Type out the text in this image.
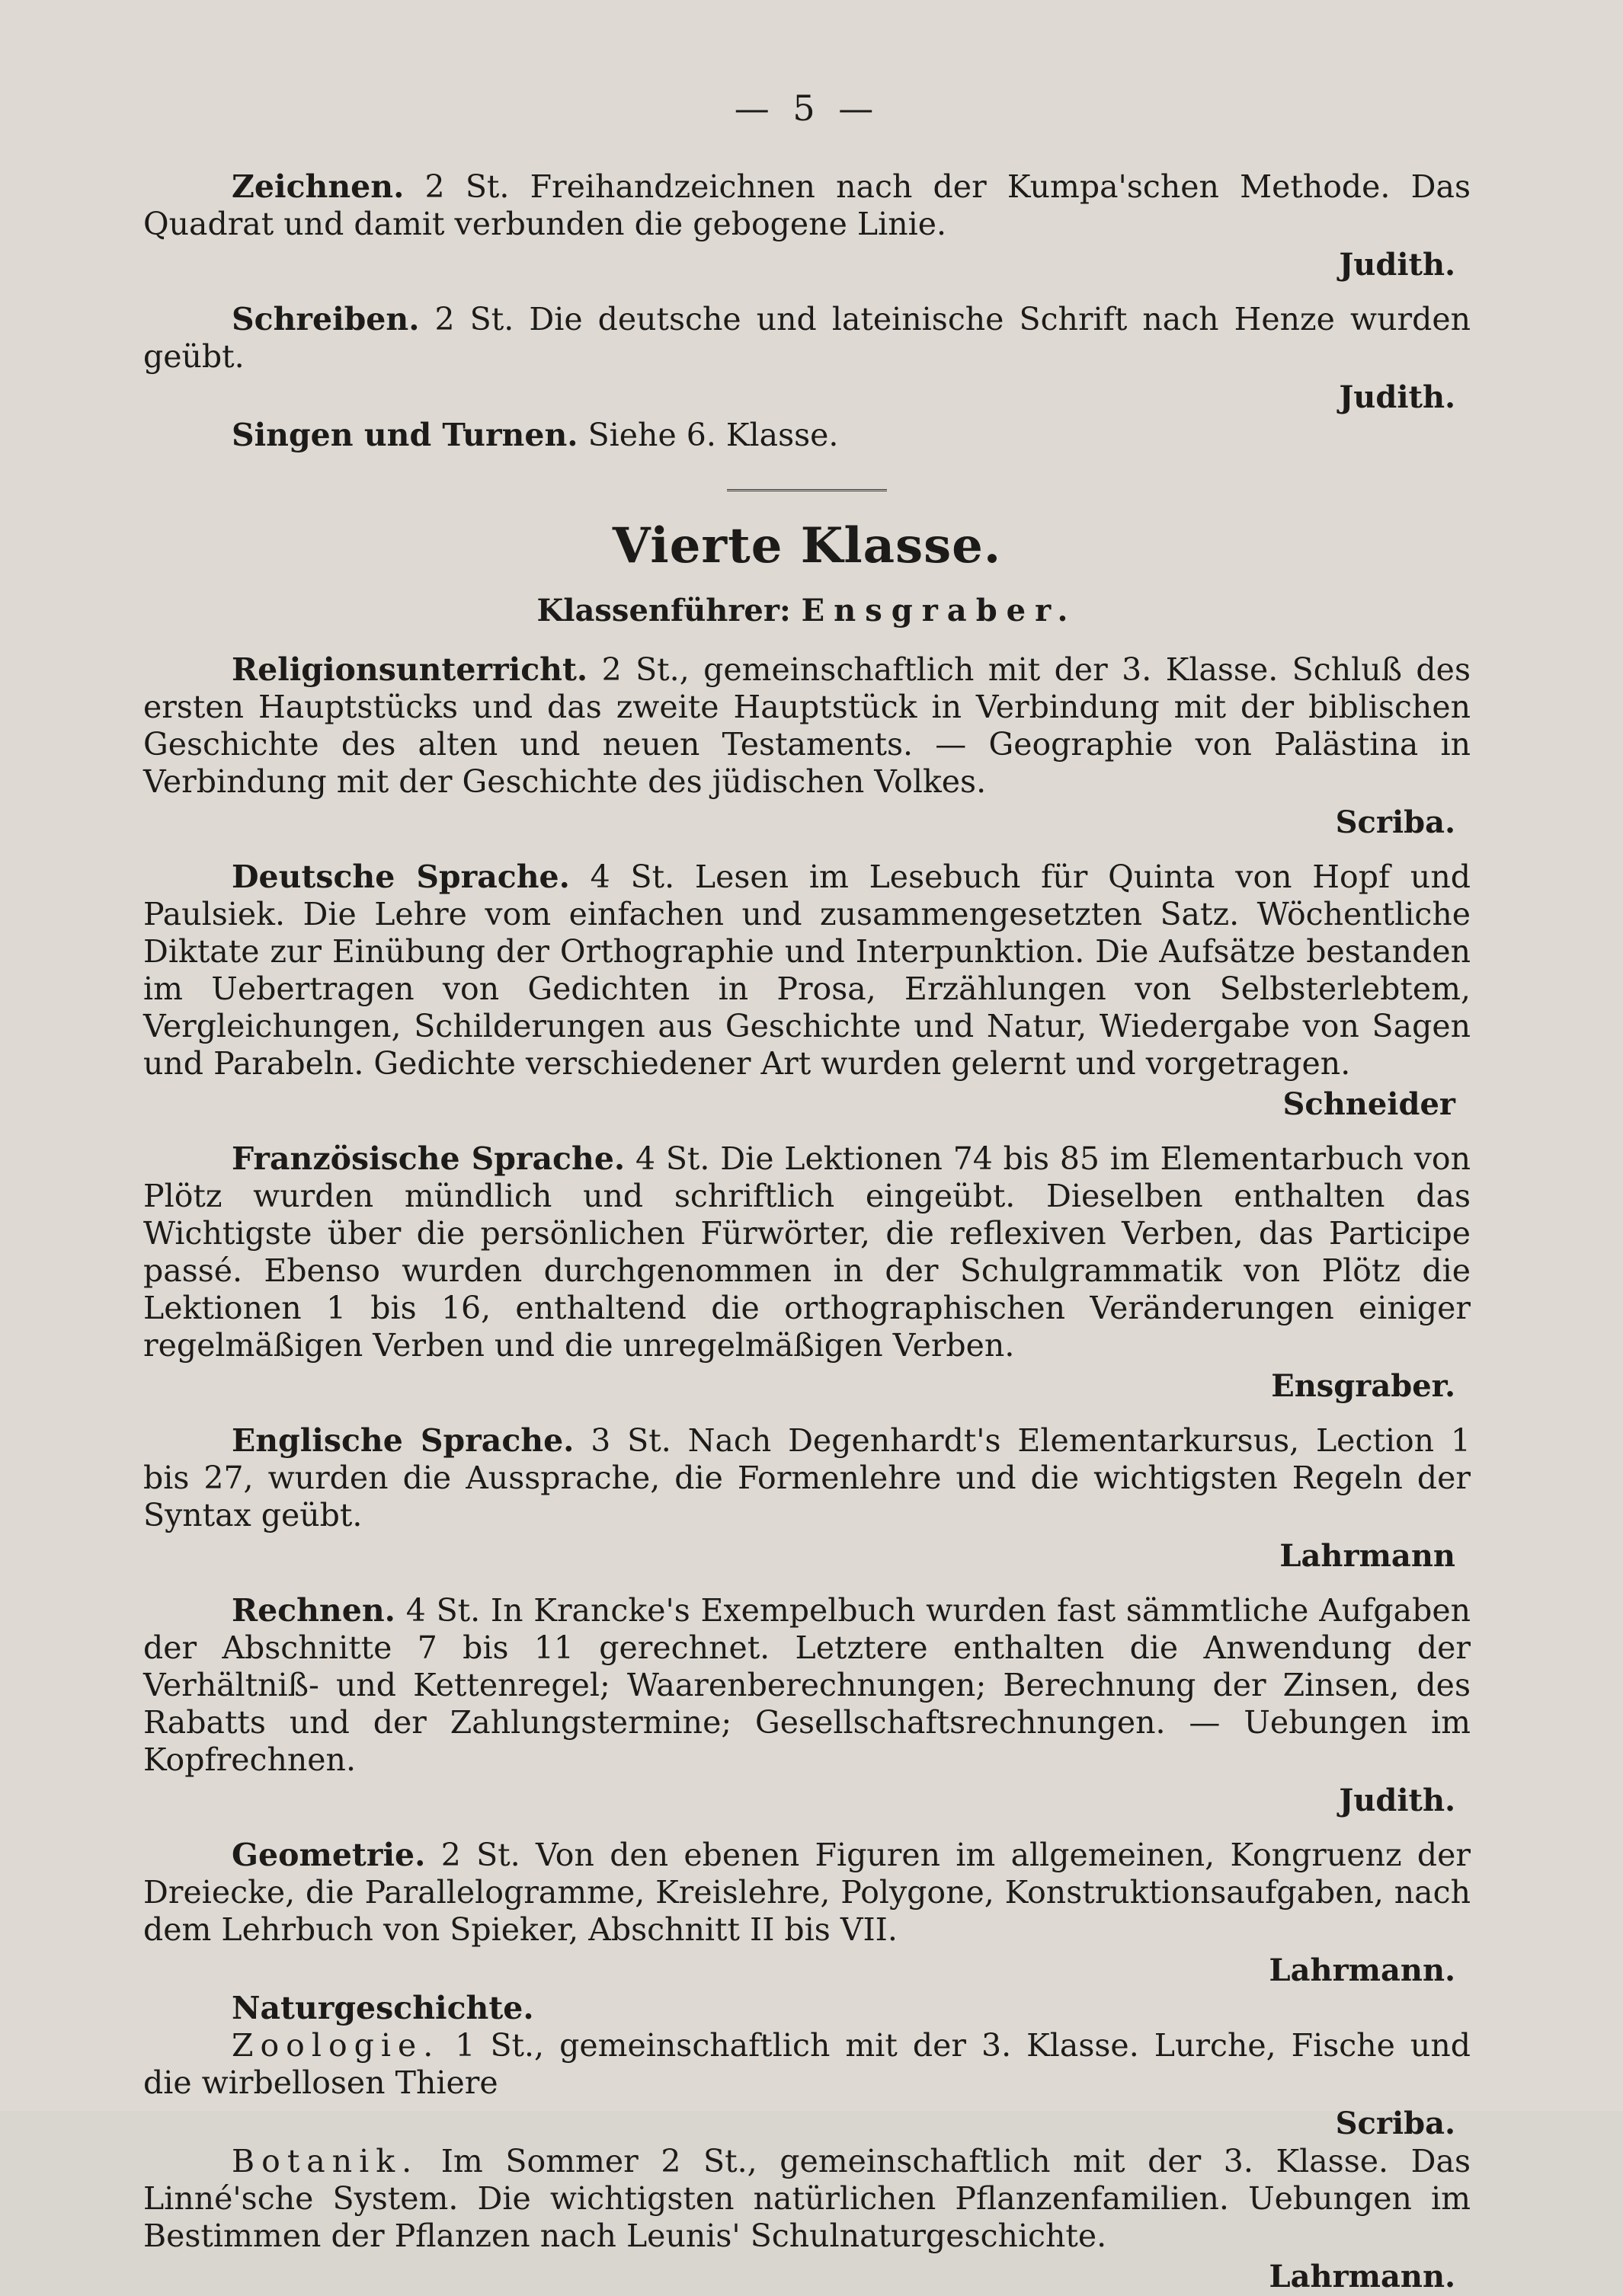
— 5 —

Zeichnen. 2 St. Freihandzeichnen nach der Kumpa'schen Methode. Das Quadrat und damit verbunden die gebogene Linie.

Judith.

Schreiben. 2 St. Die deutsche und lateinische Schrift nach Henze wurden geübt.

Judith.

Singen und Turnen. Siehe 6. Klasse.

Vierte Klasse.
Klassenführer: Ensgraber.

Religionsunterricht. 2 St., gemeinschaftlich mit der 3. Klasse. Schluß des ersten Hauptstücks und das zweite Hauptstück in Verbindung mit der biblischen Geschichte des alten und neuen Testaments. — Geographie von Palästina in Verbindung mit der Geschichte des jüdischen Volkes.

Scriba.

Deutsche Sprache. 4 St. Lesen im Lesebuch für Quinta von Hopf und Paulsiek. Die Lehre vom einfachen und zusammengesetzten Satz. Wöchentliche Diktate zur Einübung der Orthographie und Interpunktion. Die Aufsätze bestanden im Uebertragen von Gedichten in Prosa, Erzählungen von Selbsterlebtem, Vergleichungen, Schilderungen aus Geschichte und Natur, Wiedergabe von Sagen und Parabeln. Gedichte verschiedener Art wurden gelernt und vorgetragen.

Schneider

Französische Sprache. 4 St. Die Lektionen 74 bis 85 im Elementarbuch von Plötz wurden mündlich und schriftlich eingeübt. Dieselben enthalten das Wichtigste über die persönlichen Fürwörter, die reflexiven Verben, das Participe passé. Ebenso wurden durchgenommen in der Schulgrammatik von Plötz die Lektionen 1 bis 16, enthaltend die orthographischen Veränderungen einiger regelmäßigen Verben und die unregelmäßigen Verben.

Ensgraber.

Englische Sprache. 3 St. Nach Degenhardt's Elementarkursus, Lection 1 bis 27, wurden die Aussprache, die Formenlehre und die wichtigsten Regeln der Syntax geübt.

Lahrmann

Rechnen. 4 St. In Krancke's Exempelbuch wurden fast sämmtliche Aufgaben der Abschnitte 7 bis 11 gerechnet. Letztere enthalten die Anwendung der Verhältniß- und Kettenregel; Waarenberechnungen; Berechnung der Zinsen, des Rabatts und der Zahlungstermine; Gesellschaftsrechnungen. — Uebungen im Kopfrechnen.

Judith.

Geometrie. 2 St. Von den ebenen Figuren im allgemeinen, Kongruenz der Dreiecke, die Parallelogramme, Kreislehre, Polygone, Konstruktionsaufgaben, nach dem Lehrbuch von Spieker, Abschnitt II bis VII.

Lahrmann.

Naturgeschichte.

Zoologie. 1 St., gemeinschaftlich mit der 3. Klasse. Lurche, Fische und die wirbellosen Thiere

Scriba.

Botanik. Im Sommer 2 St., gemeinschaftlich mit der 3. Klasse. Das Linné'sche System. Die wichtigsten natürlichen Pflanzenfamilien. Uebungen im Bestimmen der Pflanzen nach Leunis' Schulnaturgeschichte.

Lahrmann.
